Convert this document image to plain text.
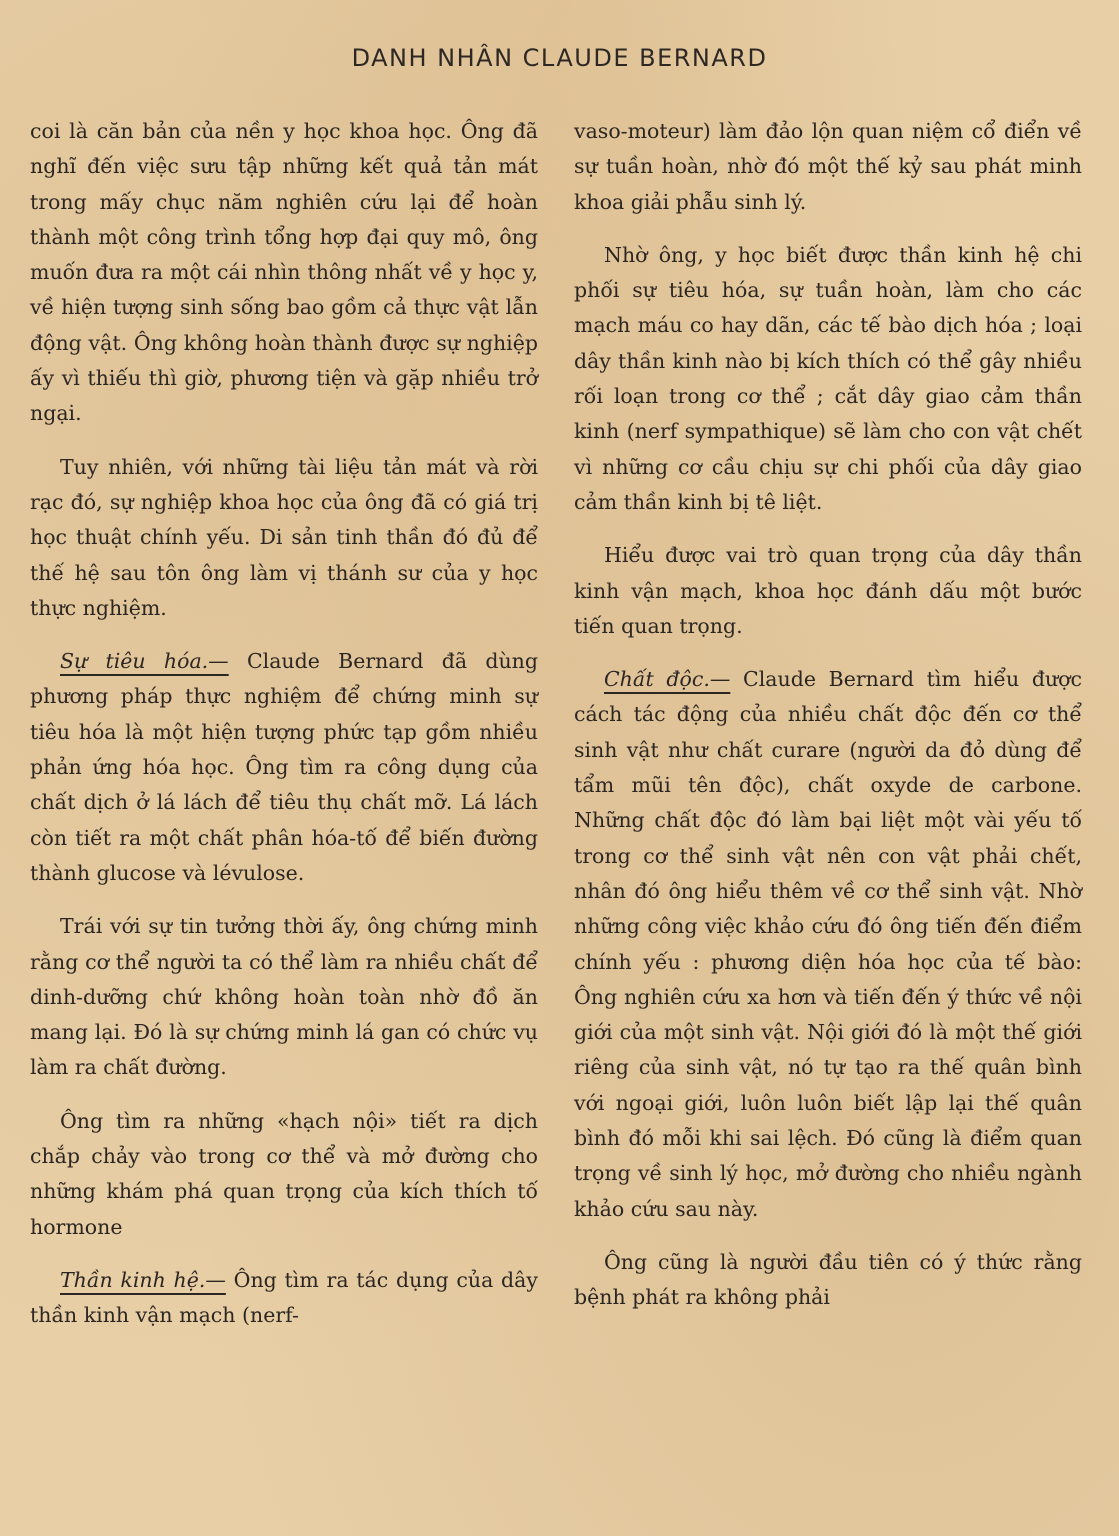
DANH NHÂN CLAUDE BERNARD

coi là căn bản của nền y học khoa học. Ông đã nghĩ đến việc sưu tập những kết quả tản mát trong mấy chục năm nghiên cứu lại để hoàn thành một công trình tổng hợp đại quy mô, ông muốn đưa ra một cái nhìn thông nhất về y học y, về hiện tượng sinh sống bao gồm cả thực vật lẫn động vật. Ông không hoàn thành được sự nghiệp ấy vì thiếu thì giờ, phương tiện và gặp nhiều trở ngại.

Tuy nhiên, với những tài liệu tản mát và rời rạc đó, sự nghiệp khoa học của ông đã có giá trị học thuật chính yếu. Di sản tinh thần đó đủ để thế hệ sau tôn ông làm vị thánh sư của y học thực nghiệm.

Sự tiêu hóa.— Claude Bernard đã dùng phương pháp thực nghiệm để chứng minh sự tiêu hóa là một hiện tượng phức tạp gồm nhiều phản ứng hóa học. Ông tìm ra công dụng của chất dịch ở lá lách để tiêu thụ chất mỡ. Lá lách còn tiết ra một chất phân hóa-tố để biến đường thành glucose và lévulose.

Trái với sự tin tưởng thời ấy, ông chứng minh rằng cơ thể người ta có thể làm ra nhiều chất để dinh-dưỡng chứ không hoàn toàn nhờ đồ ăn mang lại. Đó là sự chứng minh lá gan có chức vụ làm ra chất đường.

Ông tìm ra những «hạch nội» tiết ra dịch chắp chảy vào trong cơ thể và mở đường cho những khám phá quan trọng của kích thích tố hormone

Thần kinh hệ.— Ông tìm ra tác dụng của dây thần kinh vận mạch (nerf-

vaso-moteur) làm đảo lộn quan niệm cổ điển về sự tuần hoàn, nhờ đó một thế kỷ sau phát minh khoa giải phẫu sinh lý.

Nhờ ông, y học biết được thần kinh hệ chi phối sự tiêu hóa, sự tuần hoàn, làm cho các mạch máu co hay dãn, các tế bào dịch hóa ; loại dây thần kinh nào bị kích thích có thể gây nhiều rối loạn trong cơ thể ; cắt dây giao cảm thần kinh (nerf sympathique) sẽ làm cho con vật chết vì những cơ cầu chịu sự chi phối của dây giao cảm thần kinh bị tê liệt.

Hiểu được vai trò quan trọng của dây thần kinh vận mạch, khoa học đánh dấu một bước tiến quan trọng.

Chất độc.— Claude Bernard tìm hiểu được cách tác động của nhiều chất độc đến cơ thể sinh vật như chất curare (người da đỏ dùng để tẩm mũi tên độc), chất oxyde de carbone. Những chất độc đó làm bại liệt một vài yếu tố trong cơ thể sinh vật nên con vật phải chết, nhân đó ông hiểu thêm về cơ thể sinh vật. Nhờ những công việc khảo cứu đó ông tiến đến điểm chính yếu : phương diện hóa học của tế bào: Ông nghiên cứu xa hơn và tiến đến ý thức về nội giới của một sinh vật. Nội giới đó là một thế giới riêng của sinh vật, nó tự tạo ra thế quân bình với ngoại giới, luôn luôn biết lập lại thế quân bình đó mỗi khi sai lệch. Đó cũng là điểm quan trọng về sinh lý học, mở đường cho nhiều ngành khảo cứu sau này.

Ông cũng là người đầu tiên có ý thức rằng bệnh phát ra không phải
